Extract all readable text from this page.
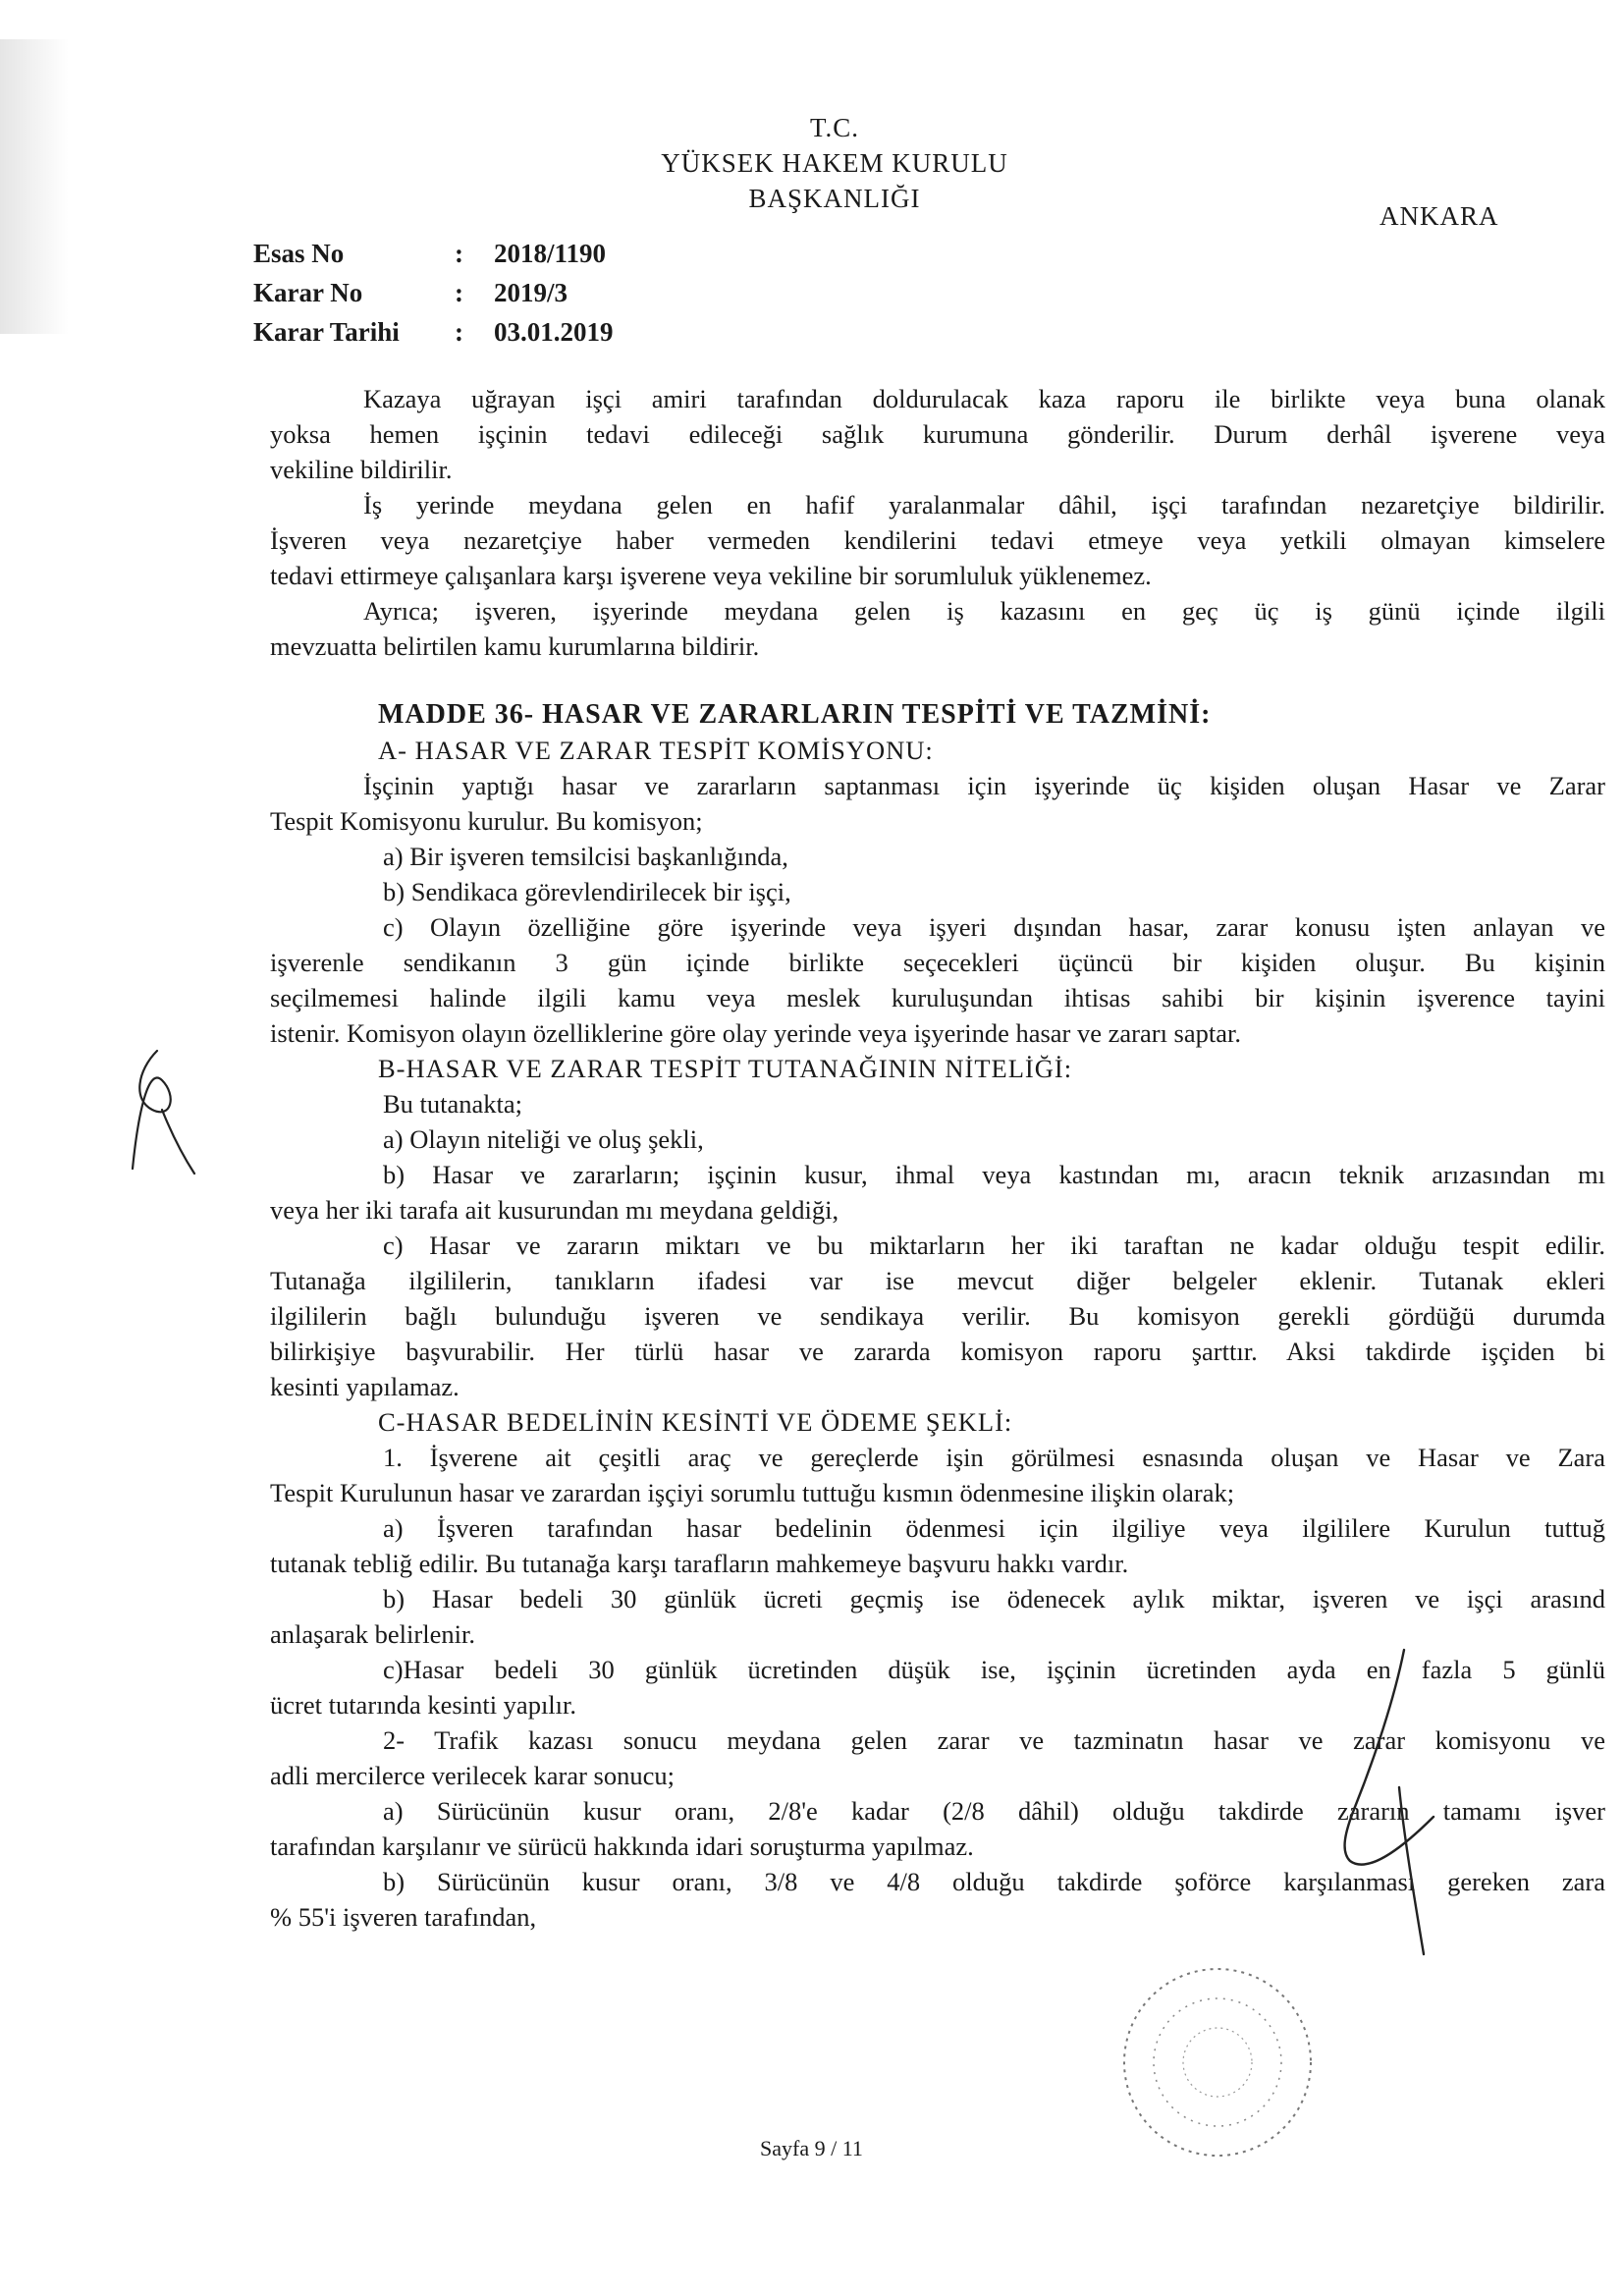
T.C.
YÜKSEK HAKEM KURULU
BAŞKANLIĞI
ANKARA
Esas No	:	2018/1190
Karar No	:	2019/3
Karar Tarihi	:	03.01.2019
Kazaya uğrayan işçi amiri tarafından doldurulacak kaza raporu ile birlikte veya buna olanak
yoksa hemen işçinin tedavi edileceği sağlık kurumuna gönderilir. Durum derhâl işverene veya
vekiline bildirilir.
İş yerinde meydana gelen en hafif yaralanmalar dâhil, işçi tarafından nezaretçiye bildirilir.
İşveren veya nezaretçiye haber vermeden kendilerini tedavi etmeye veya yetkili olmayan kimselere
tedavi ettirmeye çalışanlara karşı işverene veya vekiline bir sorumluluk yüklenemez.
Ayrıca; işveren, işyerinde meydana gelen iş kazasını en geç üç iş günü içinde ilgili
mevzuatta belirtilen kamu kurumlarına bildirir.
MADDE 36- HASAR VE ZARARLARIN TESPİTİ VE TAZMİNİ:
A- HASAR VE ZARAR TESPİT KOMİSYONU:
İşçinin yaptığı hasar ve zararların saptanması için işyerinde üç kişiden oluşan Hasar ve Zarar
Tespit Komisyonu kurulur. Bu komisyon;
a) Bir işveren temsilcisi başkanlığında,
b) Sendikaca görevlendirilecek bir işçi,
c) Olayın özelliğine göre işyerinde veya işyeri dışından hasar, zarar konusu işten anlayan ve
işverenle sendikanın 3 gün içinde birlikte seçecekleri üçüncü bir kişiden oluşur. Bu kişinin
seçilmemesi halinde ilgili kamu veya meslek kuruluşundan ihtisas sahibi bir kişinin işverence tayini
istenir. Komisyon olayın özelliklerine göre olay yerinde veya işyerinde hasar ve zararı saptar.
B-HASAR VE ZARAR TESPİT TUTANAĞININ NİTELİĞİ:
Bu tutanakta;
a) Olayın niteliği ve oluş şekli,
b) Hasar ve zararların; işçinin kusur, ihmal veya kastından mı, aracın teknik arızasından mı
veya her iki tarafa ait kusurundan mı meydana geldiği,
c) Hasar ve zararın miktarı ve bu miktarların her iki taraftan ne kadar olduğu tespit edilir.
Tutanağa ilgililerin, tanıkların ifadesi var ise mevcut diğer belgeler eklenir. Tutanak ekleri
ilgililerin bağlı bulunduğu işveren ve sendikaya verilir. Bu komisyon gerekli gördüğü durumda
bilirkişiye başvurabilir. Her türlü hasar ve zararda komisyon raporu şarttır. Aksi takdirde işçiden bi
kesinti yapılamaz.
C-HASAR BEDELİNİN KESİNTİ VE ÖDEME ŞEKLİ:
1. İşverene ait çeşitli araç ve gereçlerde işin görülmesi esnasında oluşan ve Hasar ve Zara
Tespit Kurulunun hasar ve zarardan işçiyi sorumlu tuttuğu kısmın ödenmesine ilişkin olarak;
a) İşveren tarafından hasar bedelinin ödenmesi için ilgiliye veya ilgililere Kurulun tuttuğ
tutanak tebliğ edilir. Bu tutanağa karşı tarafların mahkemeye başvuru hakkı vardır.
b) Hasar bedeli 30 günlük ücreti geçmiş ise ödenecek aylık miktar, işveren ve işçi arasınd
anlaşarak belirlenir.
c)Hasar bedeli 30 günlük ücretinden düşük ise, işçinin ücretinden ayda en fazla 5 günlü
ücret tutarında kesinti yapılır.
2- Trafik kazası sonucu meydana gelen zarar ve tazminatın hasar ve zarar komisyonu ve
adli mercilerce verilecek karar sonucu;
a) Sürücünün kusur oranı, 2/8'e kadar (2/8 dâhil) olduğu takdirde zararın tamamı işver
tarafından karşılanır ve sürücü hakkında idari soruşturma yapılmaz.
b) Sürücünün kusur oranı, 3/8 ve 4/8 olduğu takdirde şoförce karşılanması gereken zara
% 55'i işveren tarafından,
Sayfa 9 / 11
